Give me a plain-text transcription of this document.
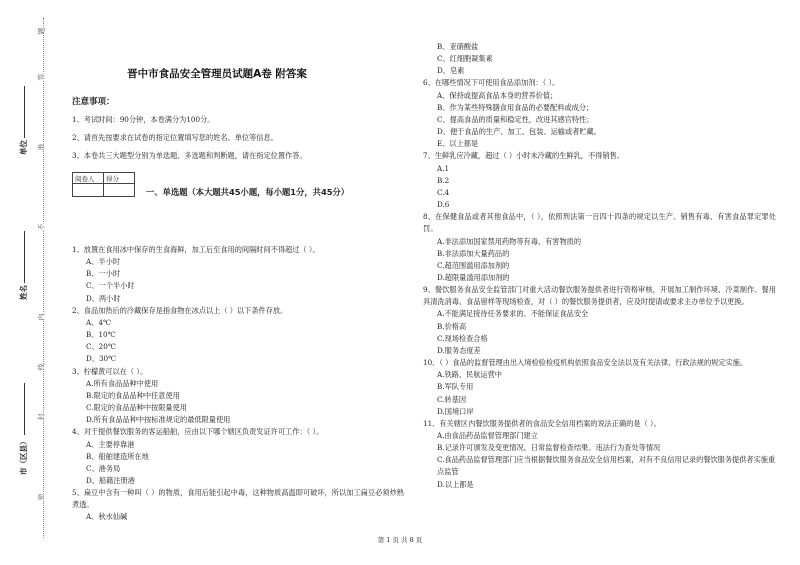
题
答
准
不
内
线
封
密
单位
姓名
市（区县）
晋中市食品安全管理员试题A卷 附答案
注意事项：
1、考试时间：90分钟，本卷满分为100分。
2、请首先按要求在试卷的指定位置填写您的姓名、单位等信息。
3、本卷共三大题型分别为单选题、多选题和判断题，请在指定位置作答。
阅卷人	得分

一、单选题（本大题共45小题，每小题1分，共45分）
1、放置在食用冰中保存的生食海鲜，加工后至食用的间隔时间不得超过（ ）。
A、半小时
B、一小时
C、一个半小时
D、两小时
2、食品加热后的冷藏保存是指食物在冰点以上（ ）以下条件存放。
A、4℃
B、10℃
C、20℃
D、30℃
3、柠檬黄可以在（ ）。
A.所有食品品种中使用
B.限定的食品品种中任意使用
C.限定的食品品种中按限量使用
D.所有食品品种中按标准规定的最低限量使用
4、对于提供餐饮服务的客运船舶，应由以下哪个辖区负责发证许可工作：（ ）。
A、主要停靠港
B、船舶建造所在地
C、港务局
D、船籍注册港
5、扁豆中含有一种叫（ ）的物质，食用后能引起中毒，这种物质高温即可破坏，所以加工扁豆必须炒熟煮透。
A、秋水仙碱
B、亚硝酸盐
C、红细胞凝集素
D、皂素
6、在哪些情况下可使用食品添加剂：（ ）。
A、保持或提高食品本身的营养价值；
B、作为某些特殊膳食用食品的必要配料或成分；
C、提高食品的质量和稳定性，改进其感官特性；
D、便于食品的生产、加工、包装、运输或者贮藏。
E、以上都是
7、生鲜乳应冷藏，超过（ ）小时未冷藏的生鲜乳，不得销售。
A.1
B.2
C.4
D.6
8、在保健食品或者其他食品中，（ ），依照刑法第一百四十四条的规定以生产、销售有毒、有害食品罪定罪处罚。
A.非法添加国家禁用药物等有毒、有害物质的
B.非法添加大量药品的
C.超范围滥用添加剂的
D.超限量滥用添加剂的
9、餐饮服务食品安全监管部门对重大活动餐饮服务提供者进行资格审核，开展加工制作环境、冷菜制作、餐用具清洗消毒、食品留样等现场检查，对（ ）的餐饮服务提供者，应及时提请或要求主办单位予以更换。
A.不能满足接待任务要求的、不能保证食品安全
B.价格高
C.现场检查合格
D.服务态度差
10、（ ）食品的监督管理由出入境检验检疫机构依照食品安全法以及有关法律、行政法规的规定实施。
A.铁路、民航运营中
B.军队专用
C.转基因
D.国境口岸
11、有关辖区内餐饮服务提供者的食品安全信用档案的说法正确的是（ ）。
A.由食品药品监督管理部门建立
B.记录许可颁发及变更情况、日常监督检查结果、违法行为查处等情况
C.食品药品监督管理部门应当根据餐饮服务食品安全信用档案，对有不良信用记录的餐饮服务提供者实施重点监管
D.以上都是
第 1 页 共 8 页
